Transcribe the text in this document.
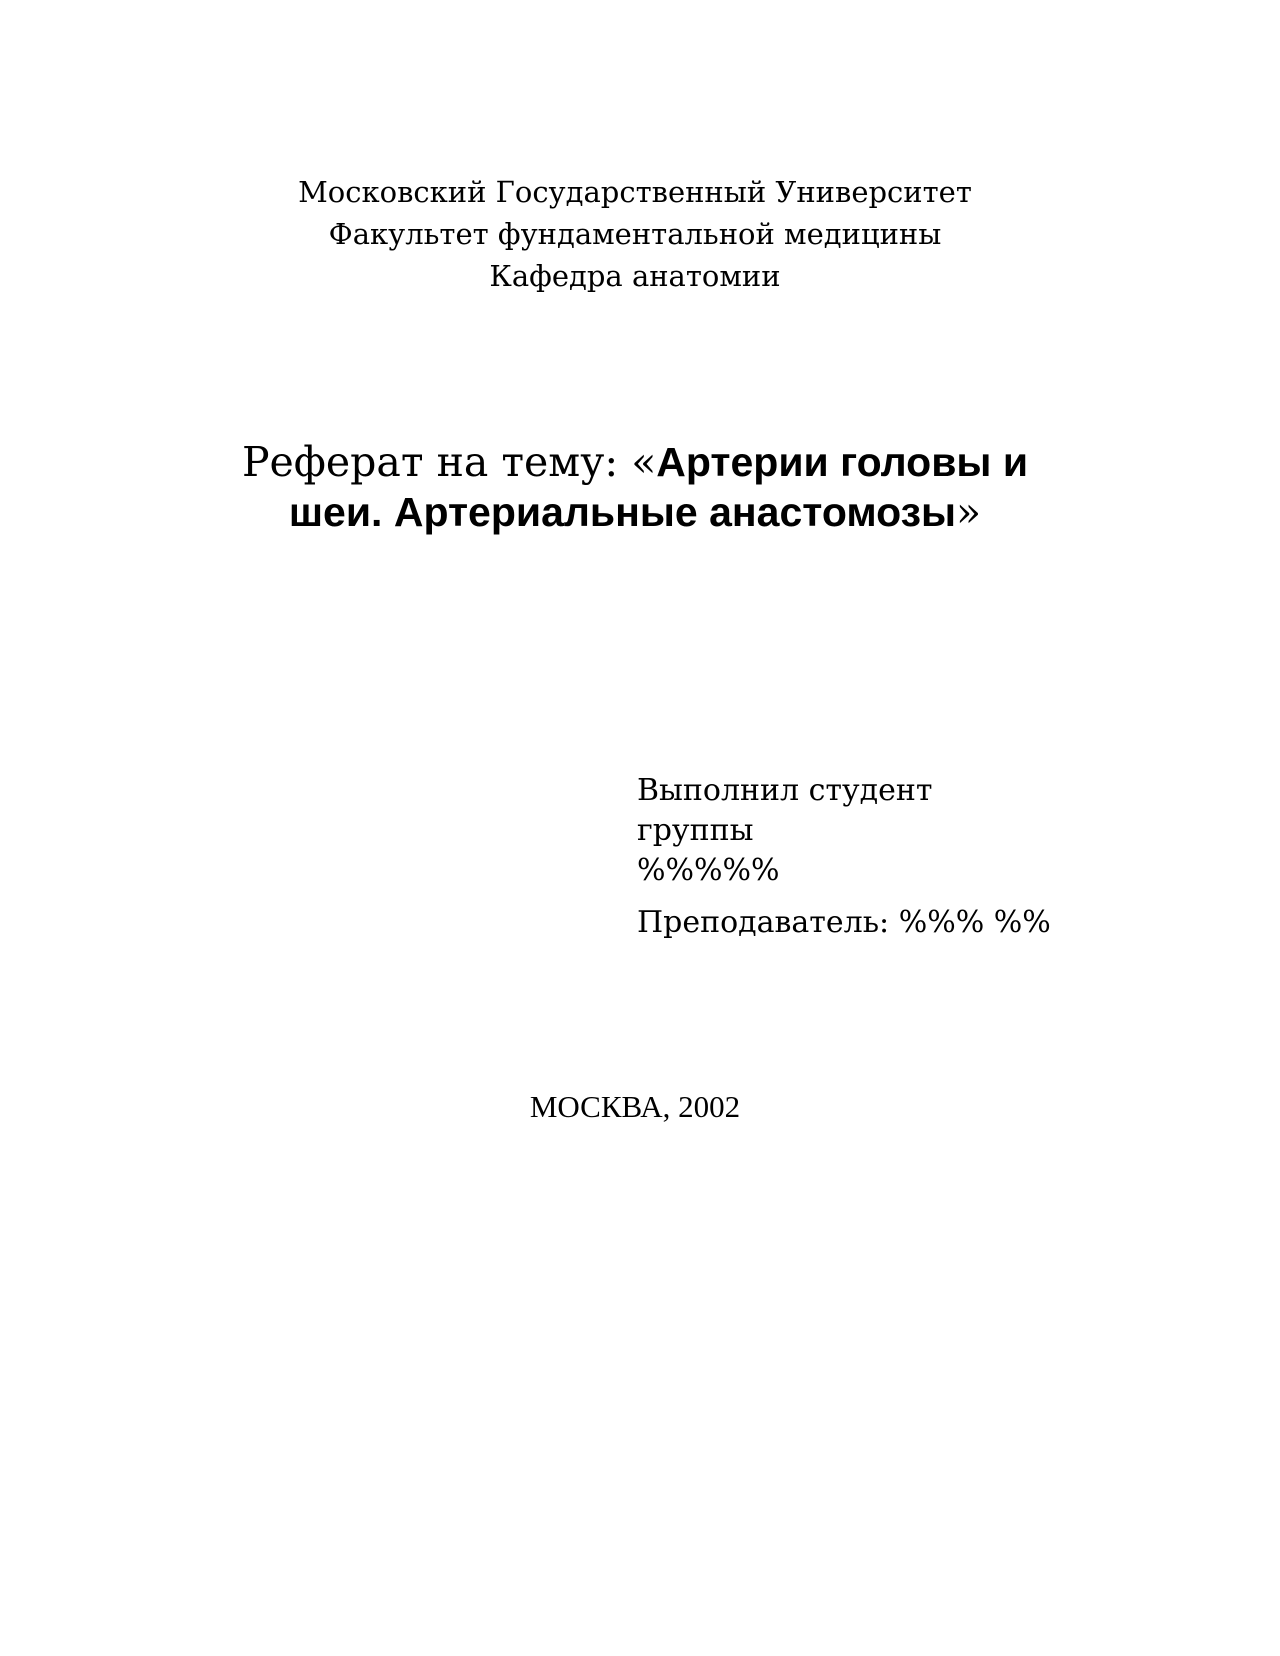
Московский Государственный Университет
Факультет фундаментальной медицины
Кафедра анатомии
Реферат на тему: «Артерии головы и шеи. Артериальные анастомозы»
Выполнил студент
группы
%%%%%
Преподаватель: %%% %%
МОСКВА, 2002
